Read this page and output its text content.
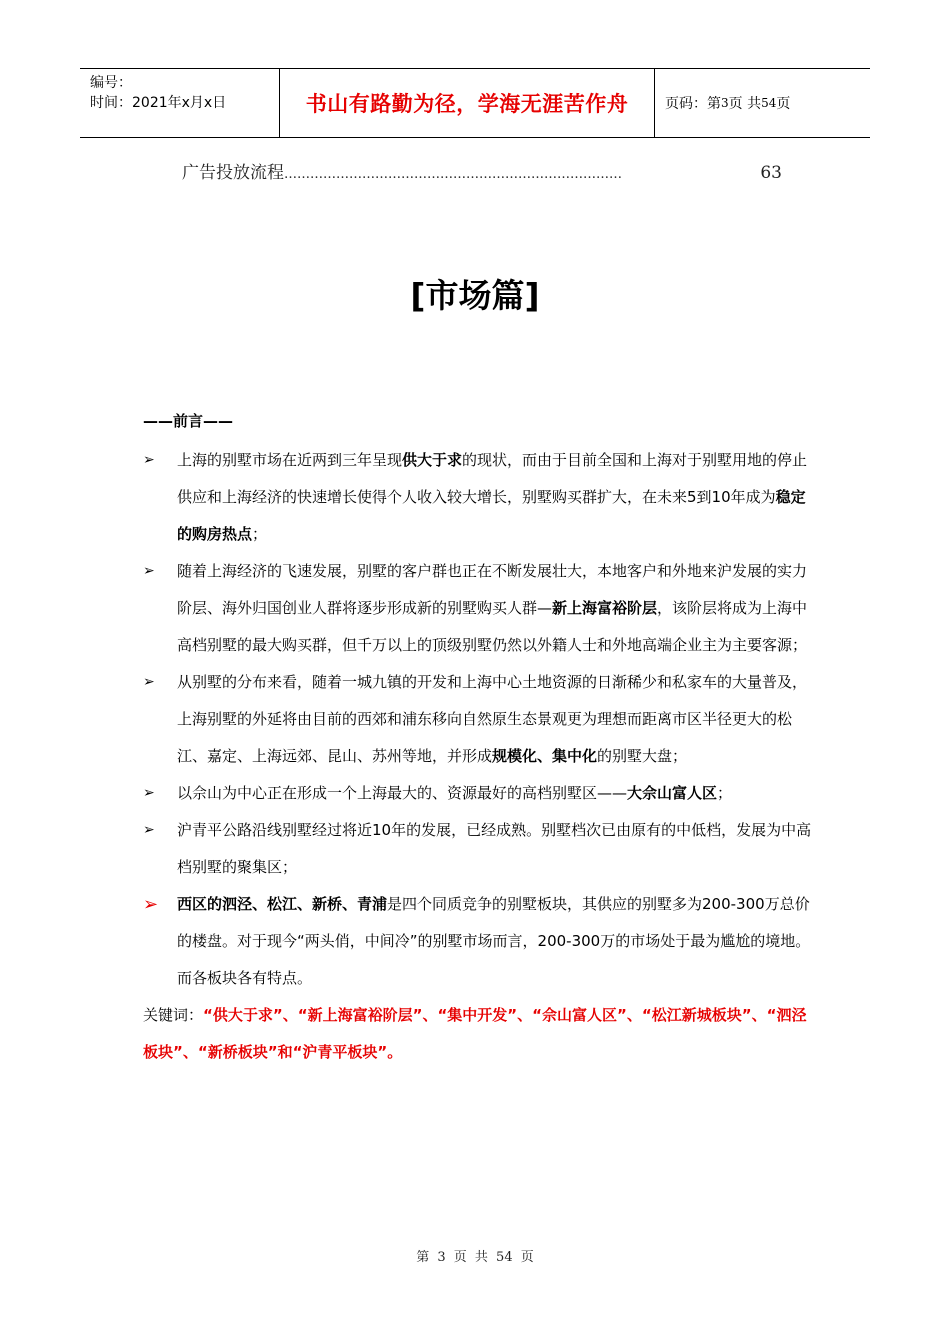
编号：
时间：2021年x月x日	书山有路勤为径，学海无涯苦作舟	页码：第 3 页 共 54 页
广告投放流程 ……………………………………………………………………	63
[市场篇]
——前言——
➢ 上海的别墅市场在近两到三年呈现供大于求的现状，而由于目前全国和上海对于别墅用地的停止供应和上海经济的快速增长使得个人收入较大增长，别墅购买群扩大，在未来5到10年成为稳定的购房热点；
➢ 随着上海经济的飞速发展，别墅的客户群也正在不断发展壮大，本地客户和外地来沪发展的实力阶层、海外归国创业人群将逐步形成新的别墅购买人群—新上海富裕阶层，该阶层将成为上海中高档别墅的最大购买群，但千万以上的顶级别墅仍然以外籍人士和外地高端企业主为主要客源；
➢ 从别墅的分布来看，随着一城九镇的开发和上海中心土地资源的日渐稀少和私家车的大量普及，上海别墅的外延将由目前的西郊和浦东移向自然原生态景观更为理想而距离市区半径更大的松江、嘉定、上海远郊、昆山、苏州等地，并形成规模化、集中化的别墅大盘；
➢ 以佘山为中心正在形成一个上海最大的、资源最好的高档别墅区——大佘山富人区；
➢ 沪青平公路沿线别墅经过将近10年的发展，已经成熟。别墅档次已由原有的中低档，发展为中高档别墅的聚集区；
➢ 西区的泗泾、松江、新桥、青浦是四个同质竞争的别墅板块，其供应的别墅多为200-300万总价的楼盘。对于现今“两头俏，中间冷”的别墅市场而言，200-300万的市场处于最为尴尬的境地。而各板块各有特点。
关键词：“供大于求”、“新上海富裕阶层”、“集中开发”、“佘山富人区”、“松江新城板块”、“泗泾板块”、“新桥板块”和“沪青平板块”。
第 3 页 共 54 页
